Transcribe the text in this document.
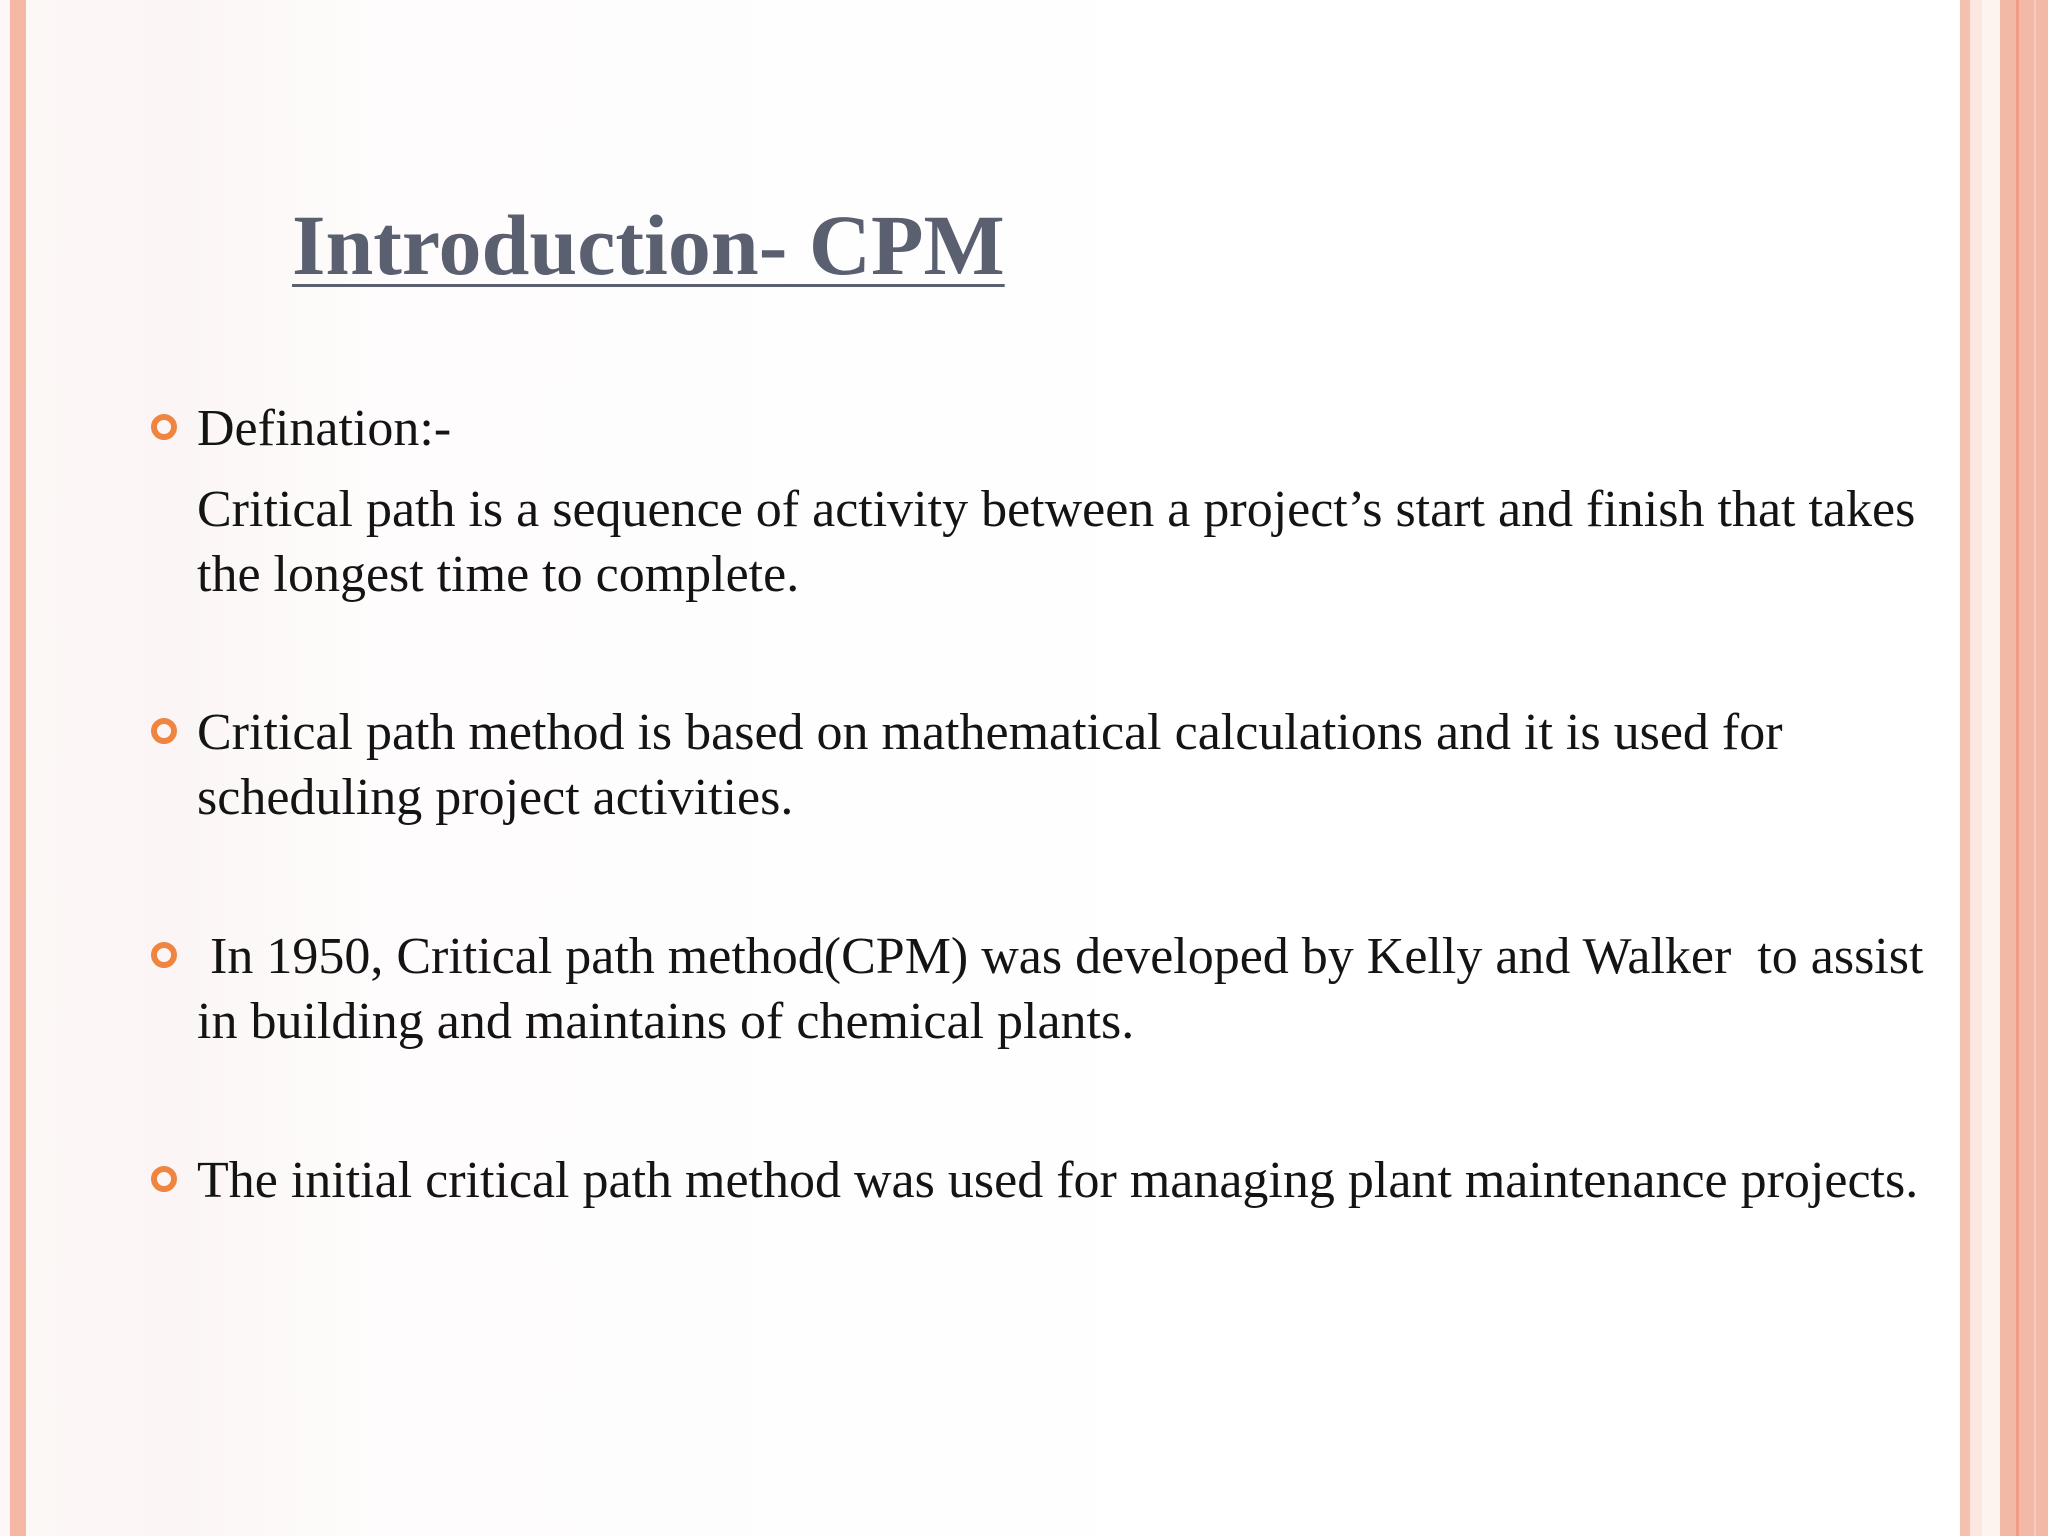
Introduction- CPM

Defination:-

Critical path is a sequence of activity between a project’s start and finish that takes the longest time to complete.

Critical path method is based on mathematical calculations and it is used for scheduling project activities.

In 1950, Critical path method(CPM) was developed by Kelly and Walker  to assist in building and maintains of chemical plants.

The initial critical path method was used for managing plant maintenance projects.
